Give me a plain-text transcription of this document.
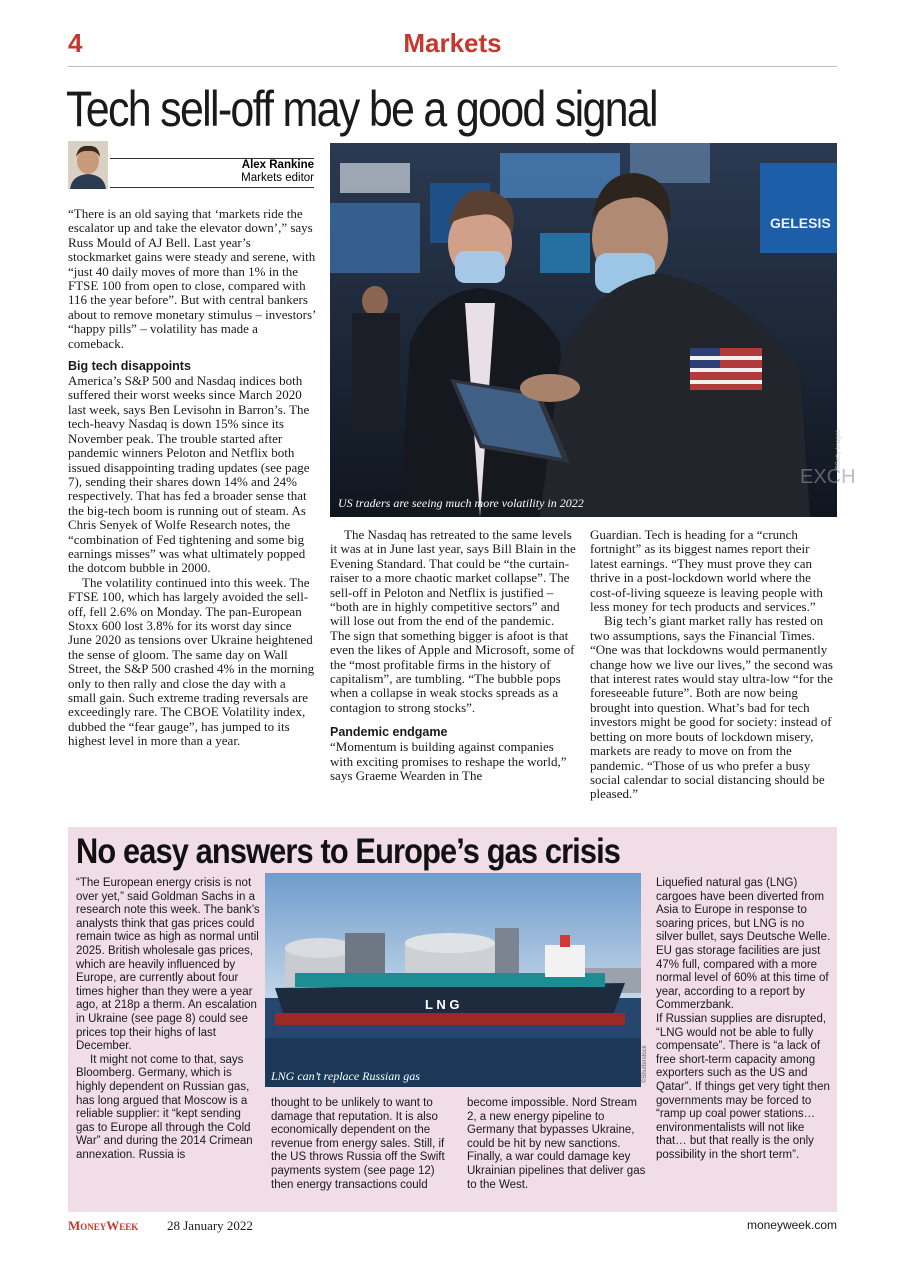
4	Markets
Tech sell-off may be a good signal
Alex Rankine
Markets editor
GELESIS
EXCH
US traders are seeing much more volatility in 2022
©Getty Images

“There is an old saying that ‘markets ride the escalator up and take the elevator down’,” says Russ Mould of AJ Bell. Last year’s stockmarket gains were steady and serene, with “just 40 daily moves of more than 1% in the FTSE 100 from open to close, compared with 116 the year before”. But with central bankers about to remove monetary stimulus – investors’ “happy pills” – volatility has made a comeback.

Big tech disappoints

America’s S&P 500 and Nasdaq indices both suffered their worst weeks since March 2020 last week, says Ben Levisohn in Barron’s. The tech-heavy Nasdaq is down 15% since its November peak. The trouble started after pandemic winners Peloton and Netflix both issued disappointing trading updates (see page 7), sending their shares down 14% and 24% respectively. That has fed a broader sense that the big-tech boom is running out of steam. As Chris Senyek of Wolfe Research notes, the “combination of Fed tightening and some big earnings misses” was what ultimately popped the dotcom bubble in 2000.

The volatility continued into this week. The FTSE 100, which has largely avoided the sell-off, fell 2.6% on Monday. The pan-European Stoxx 600 lost 3.8% for its worst day since June 2020 as tensions over Ukraine heightened the sense of gloom. The same day on Wall Street, the S&P 500 crashed 4% in the morning only to then rally and close the day with a small gain. Such extreme trading reversals are exceedingly rare. The CBOE Volatility index, dubbed the “fear gauge”, has jumped to its highest level in more than a year.

The Nasdaq has retreated to the same levels it was at in June last year, says Bill Blain in the Evening Standard. That could be “the curtain-raiser to a more chaotic market collapse”. The sell-off in Peloton and Netflix is justified – “both are in highly competitive sectors” and will lose out from the end of the pandemic. The sign that something bigger is afoot is that even the likes of Apple and Microsoft, some of the “most profitable firms in the history of capitalism”, are tumbling. “The bubble pops when a collapse in weak stocks spreads as a contagion to strong stocks”.

Pandemic endgame

“Momentum is building against companies with exciting promises to reshape the world,” says Graeme Wearden in The

Guardian. Tech is heading for a “crunch fortnight” as its biggest names report their latest earnings. “They must prove they can thrive in a post-lockdown world where the cost-of-living squeeze is leaving people with less money for tech products and services.”

Big tech’s giant market rally has rested on two assumptions, says the Financial Times. “One was that lockdowns would permanently change how we live our lives,” the second was that interest rates would stay ultra-low “for the foreseeable future”. Both are now being brought into question. What’s bad for tech investors might be good for society: instead of betting on more bouts of lockdown misery, markets are ready to move on from the pandemic. “Those of us who prefer a busy social calendar to social distancing should be pleased.”

No easy answers to Europe’s gas crisis

“The European energy crisis is not over yet,” said Goldman Sachs in a research note this week. The bank’s analysts think that gas prices could remain twice as high as normal until 2025. British wholesale gas prices, which are heavily influenced by Europe, are currently about four times higher than they were a year ago, at 218p a therm. An escalation in Ukraine (see page 8) could see prices top their highs of last December.

It might not come to that, says Bloomberg. Germany, which is highly dependent on Russian gas, has long argued that Moscow is a reliable supplier: it “kept sending gas to Europe all through the Cold War” and during the 2014 Crimean annexation. Russia is

L N G
LNG can’t replace Russian gas	©Shutterstock

thought to be unlikely to want to damage that reputation. It is also economically dependent on the revenue from energy sales. Still, if the US throws Russia off the Swift payments system (see page 12) then energy transactions could

become impossible. Nord Stream 2, a new energy pipeline to Germany that bypasses Ukraine, could be hit by new sanctions. Finally, a war could damage key Ukrainian pipelines that deliver gas to the West.

Liquefied natural gas (LNG) cargoes have been diverted from Asia to Europe in response to soaring prices, but LNG is no silver bullet, says Deutsche Welle. EU gas storage facilities are just 47% full, compared with a more normal level of 60% at this time of year, according to a report by Commerzbank.

If Russian supplies are disrupted, “LNG would not be able to fully compensate”. There is “a lack of free short-term capacity among exporters such as the US and Qatar”. If things get very tight then governments may be forced to “ramp up coal power stations… environmentalists will not like that… but that really is the only possibility in the short term”.

MoneyWeek 28 January 2022	moneyweek.com
